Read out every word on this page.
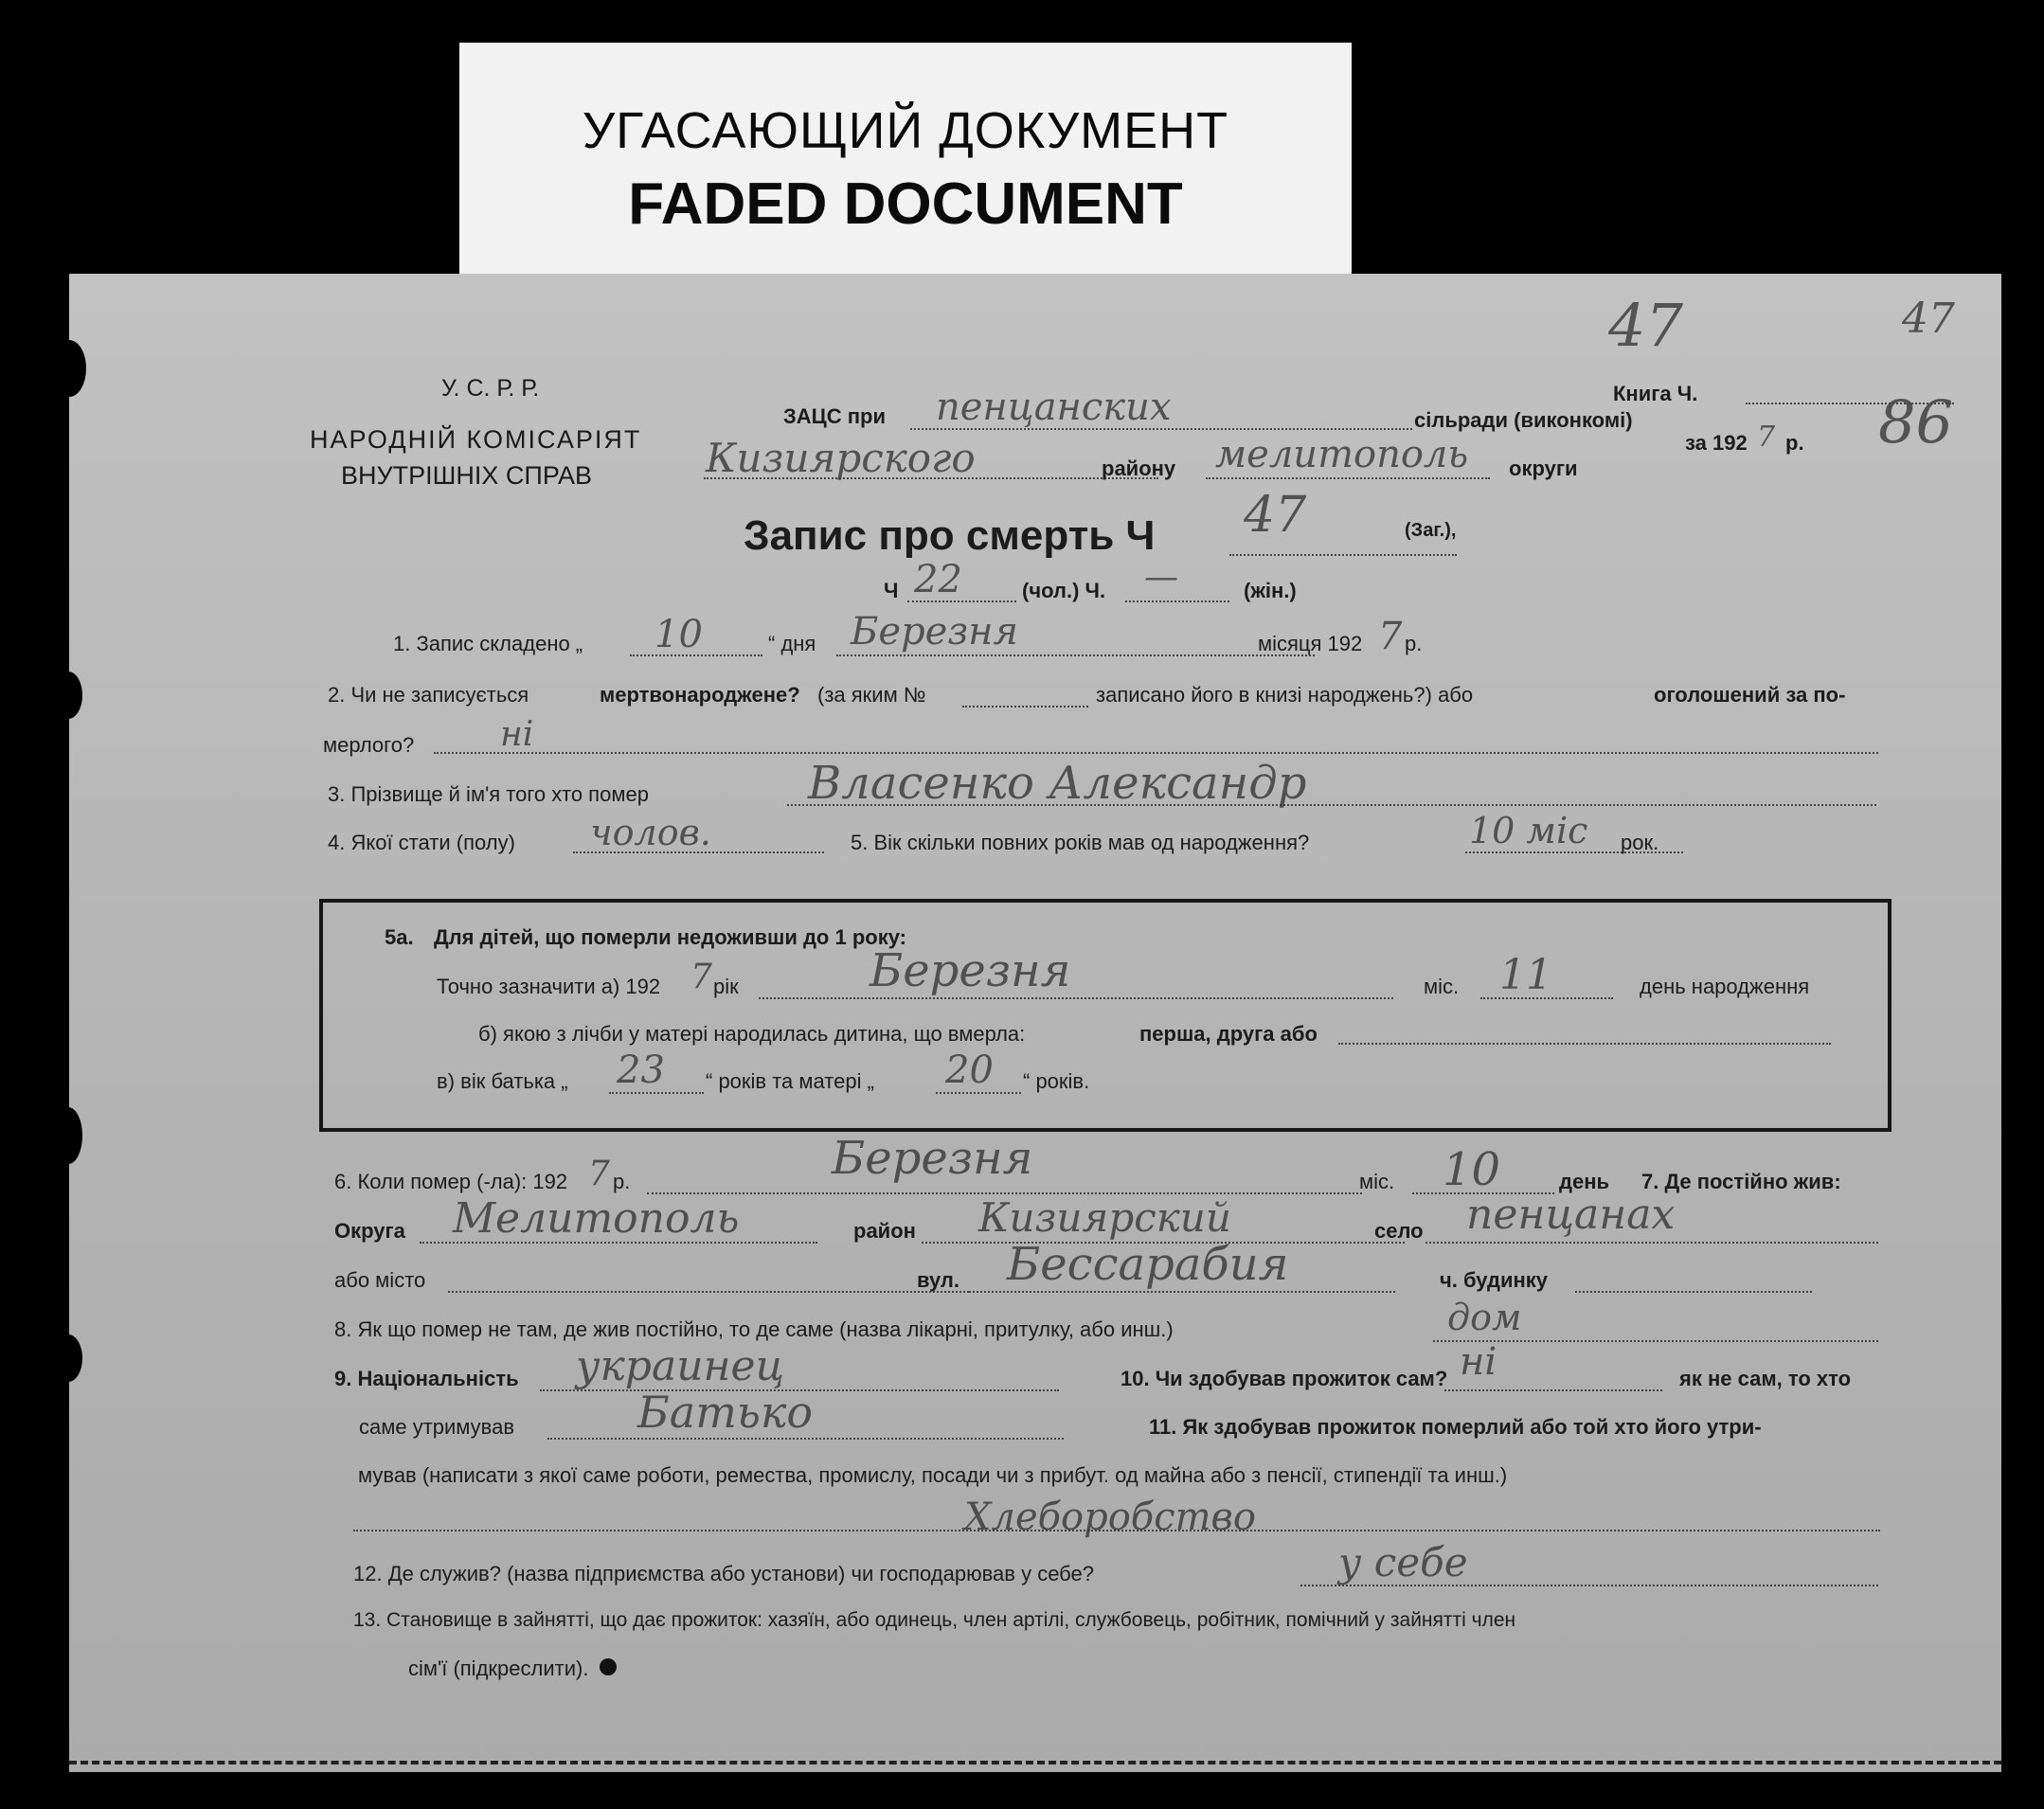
УГАСАЮЩИЙ ДОКУМЕНТ
FADED DOCUMENT
47	47
86
У. С. Р. Р.
НАРОДНІЙ КОМІСАРІЯТ
ВНУТРІШНІХ СПРАВ
ЗАЦС при пенцанских	сільради (виконкомі)
Книга Ч.
Кизиярского	району мелитополь округи
за 192 7 р.
Запис про смерть Ч 47	(Заг.),
Ч 22	(чол.) Ч. —	(жін.)
1. Запис складено „ 10	“ дня Березня	місяця 192 7 р.
2. Чи не записується	мертвонароджене? (за яким №	записано його в книзі народжень?) або	оголошений за по-
мерлого?	ні
3. Прізвище й ім'я того хто помер	Власенко Александр
4. Якої стати (полу) чолов.	5. Вік скільки повних років мав од народження?	10 міс рок.
5а. Для дітей, що померли недоживши до 1 року:
Точно зазначити а) 192 7 рік	Березня	міс. 11	день народження
б) якою з лічби у матері народилась дитина, що вмерла:	перша, друга або
в) вік батька „ 23 “ років та матері „ 20 “ років.
6. Коли помер (-ла): 192 7 р.	Березня	міс. 10	день 7. Де постійно жив:
Округа Мелитополь	район Кизиярский	село пенцанах
або місто	вул. Бессарабия	ч. будинку
8. Як що помер не там, де жив постійно, то де саме (назва лікарні, притулку, або инш.)	дом
9. Національність украинец	10. Чи здобував прожиток сам? ні	як не сам, то хто
саме утримував	Батько	11. Як здобував прожиток померлий або той хто його утри-
мував (написати з якої саме роботи, ремества, промислу, посади чи з прибут. од майна або з пенсії, стипендії та инш.)
Хлеборобство
12. Де служив? (назва підприємства або установи) чи господарював у себе?	у себе
13. Становище в зайнятті, що дає прожиток: хазяїн, або одинець, член артілі, службовець, робітник, помічний у зайнятті член
сім'ї (підкреслити).
